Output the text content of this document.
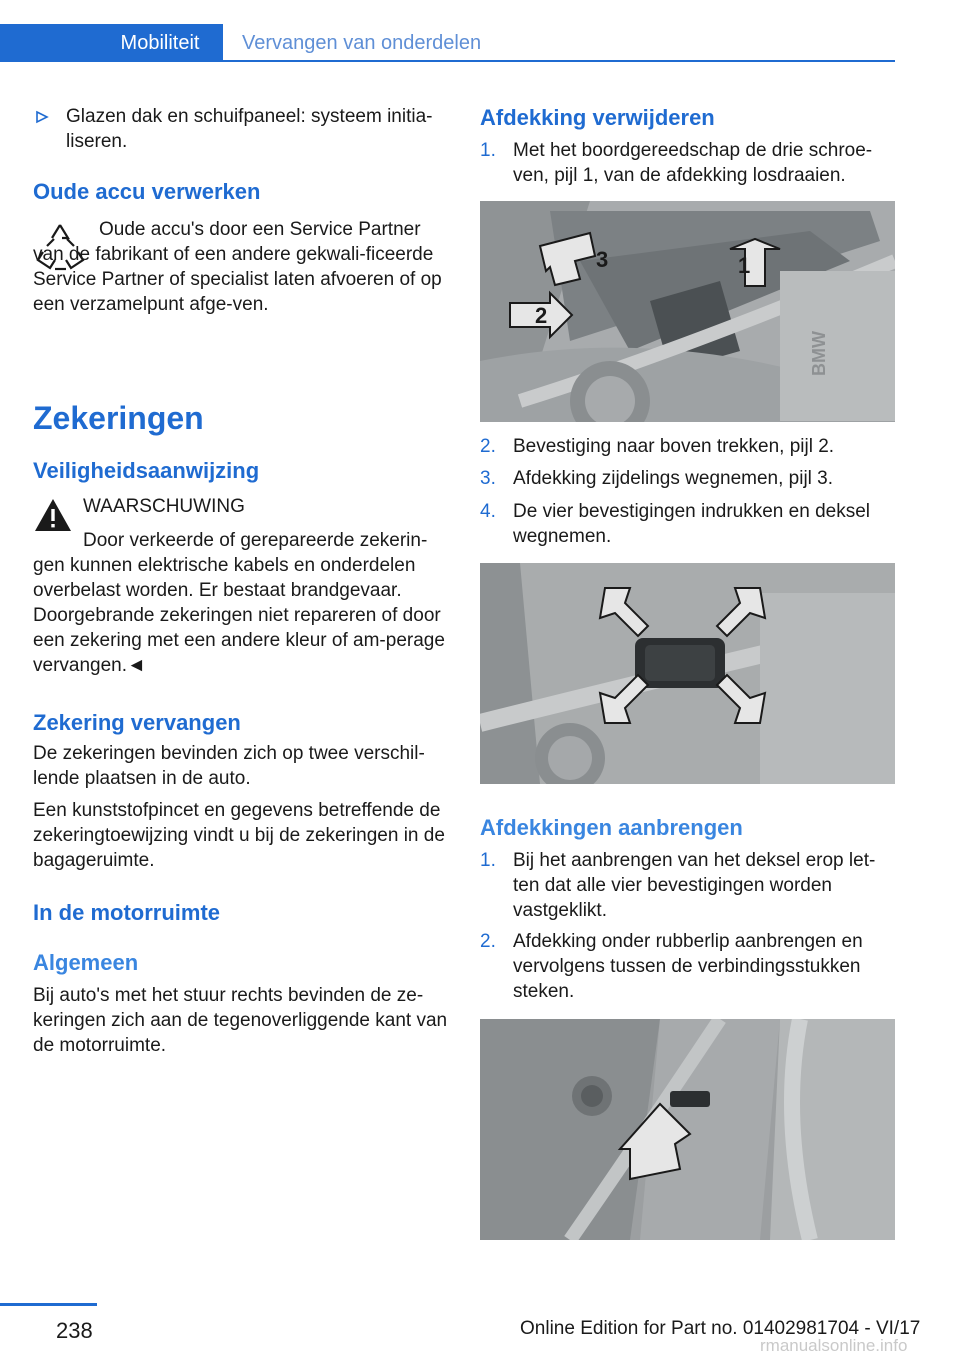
Mobiliteit	Vervangen van onderdelen

Glazen dak en schuifpaneel: systeem initia-
liseren.

Oude accu verwerken

Oude accu's door een Service Partner van de fabrikant of een andere gekwali-ficeerde Service Partner of specialist laten afvoeren of op een verzamelpunt afge-ven.

Zekeringen

Veiligheidsaanwijzing

WAARSCHUWING

Door verkeerde of gerepareerde zekerin-gen kunnen elektrische kabels en onderdelen overbelast worden. Er bestaat brandgevaar. Doorgebrande zekeringen niet repareren of door een zekering met een andere kleur of am-perage vervangen.◄

Zekering vervangen

De zekeringen bevinden zich op twee verschil-lende plaatsen in de auto.

Een kunststofpincet en gegevens betreffende de zekeringtoewijzing vindt u bij de zekeringen in de bagageruimte.

In de motorruimte

Algemeen

Bij auto's met het stuur rechts bevinden de ze-keringen zich aan de tegenoverliggende kant van de motorruimte.

Afdekking verwijderen

1. Met het boordgereedschap de drie schroe-ven, pijl 1, van de afdekking losdraaien.
BMW
3	1
2
2. Bevestiging naar boven trekken, pijl 2.
3. Afdekking zijdelings wegnemen, pijl 3.
4. De vier bevestigingen indrukken en deksel wegnemen.

Afdekkingen aanbrengen

1. Bij het aanbrengen van het deksel erop let-ten dat alle vier bevestigingen worden vastgeklikt.
2. Afdekking onder rubberlip aanbrengen en vervolgens tussen de verbindingsstukken steken.
238	Online Edition for Part no. 01402981704 - VI/17
rmanualsonline.info
